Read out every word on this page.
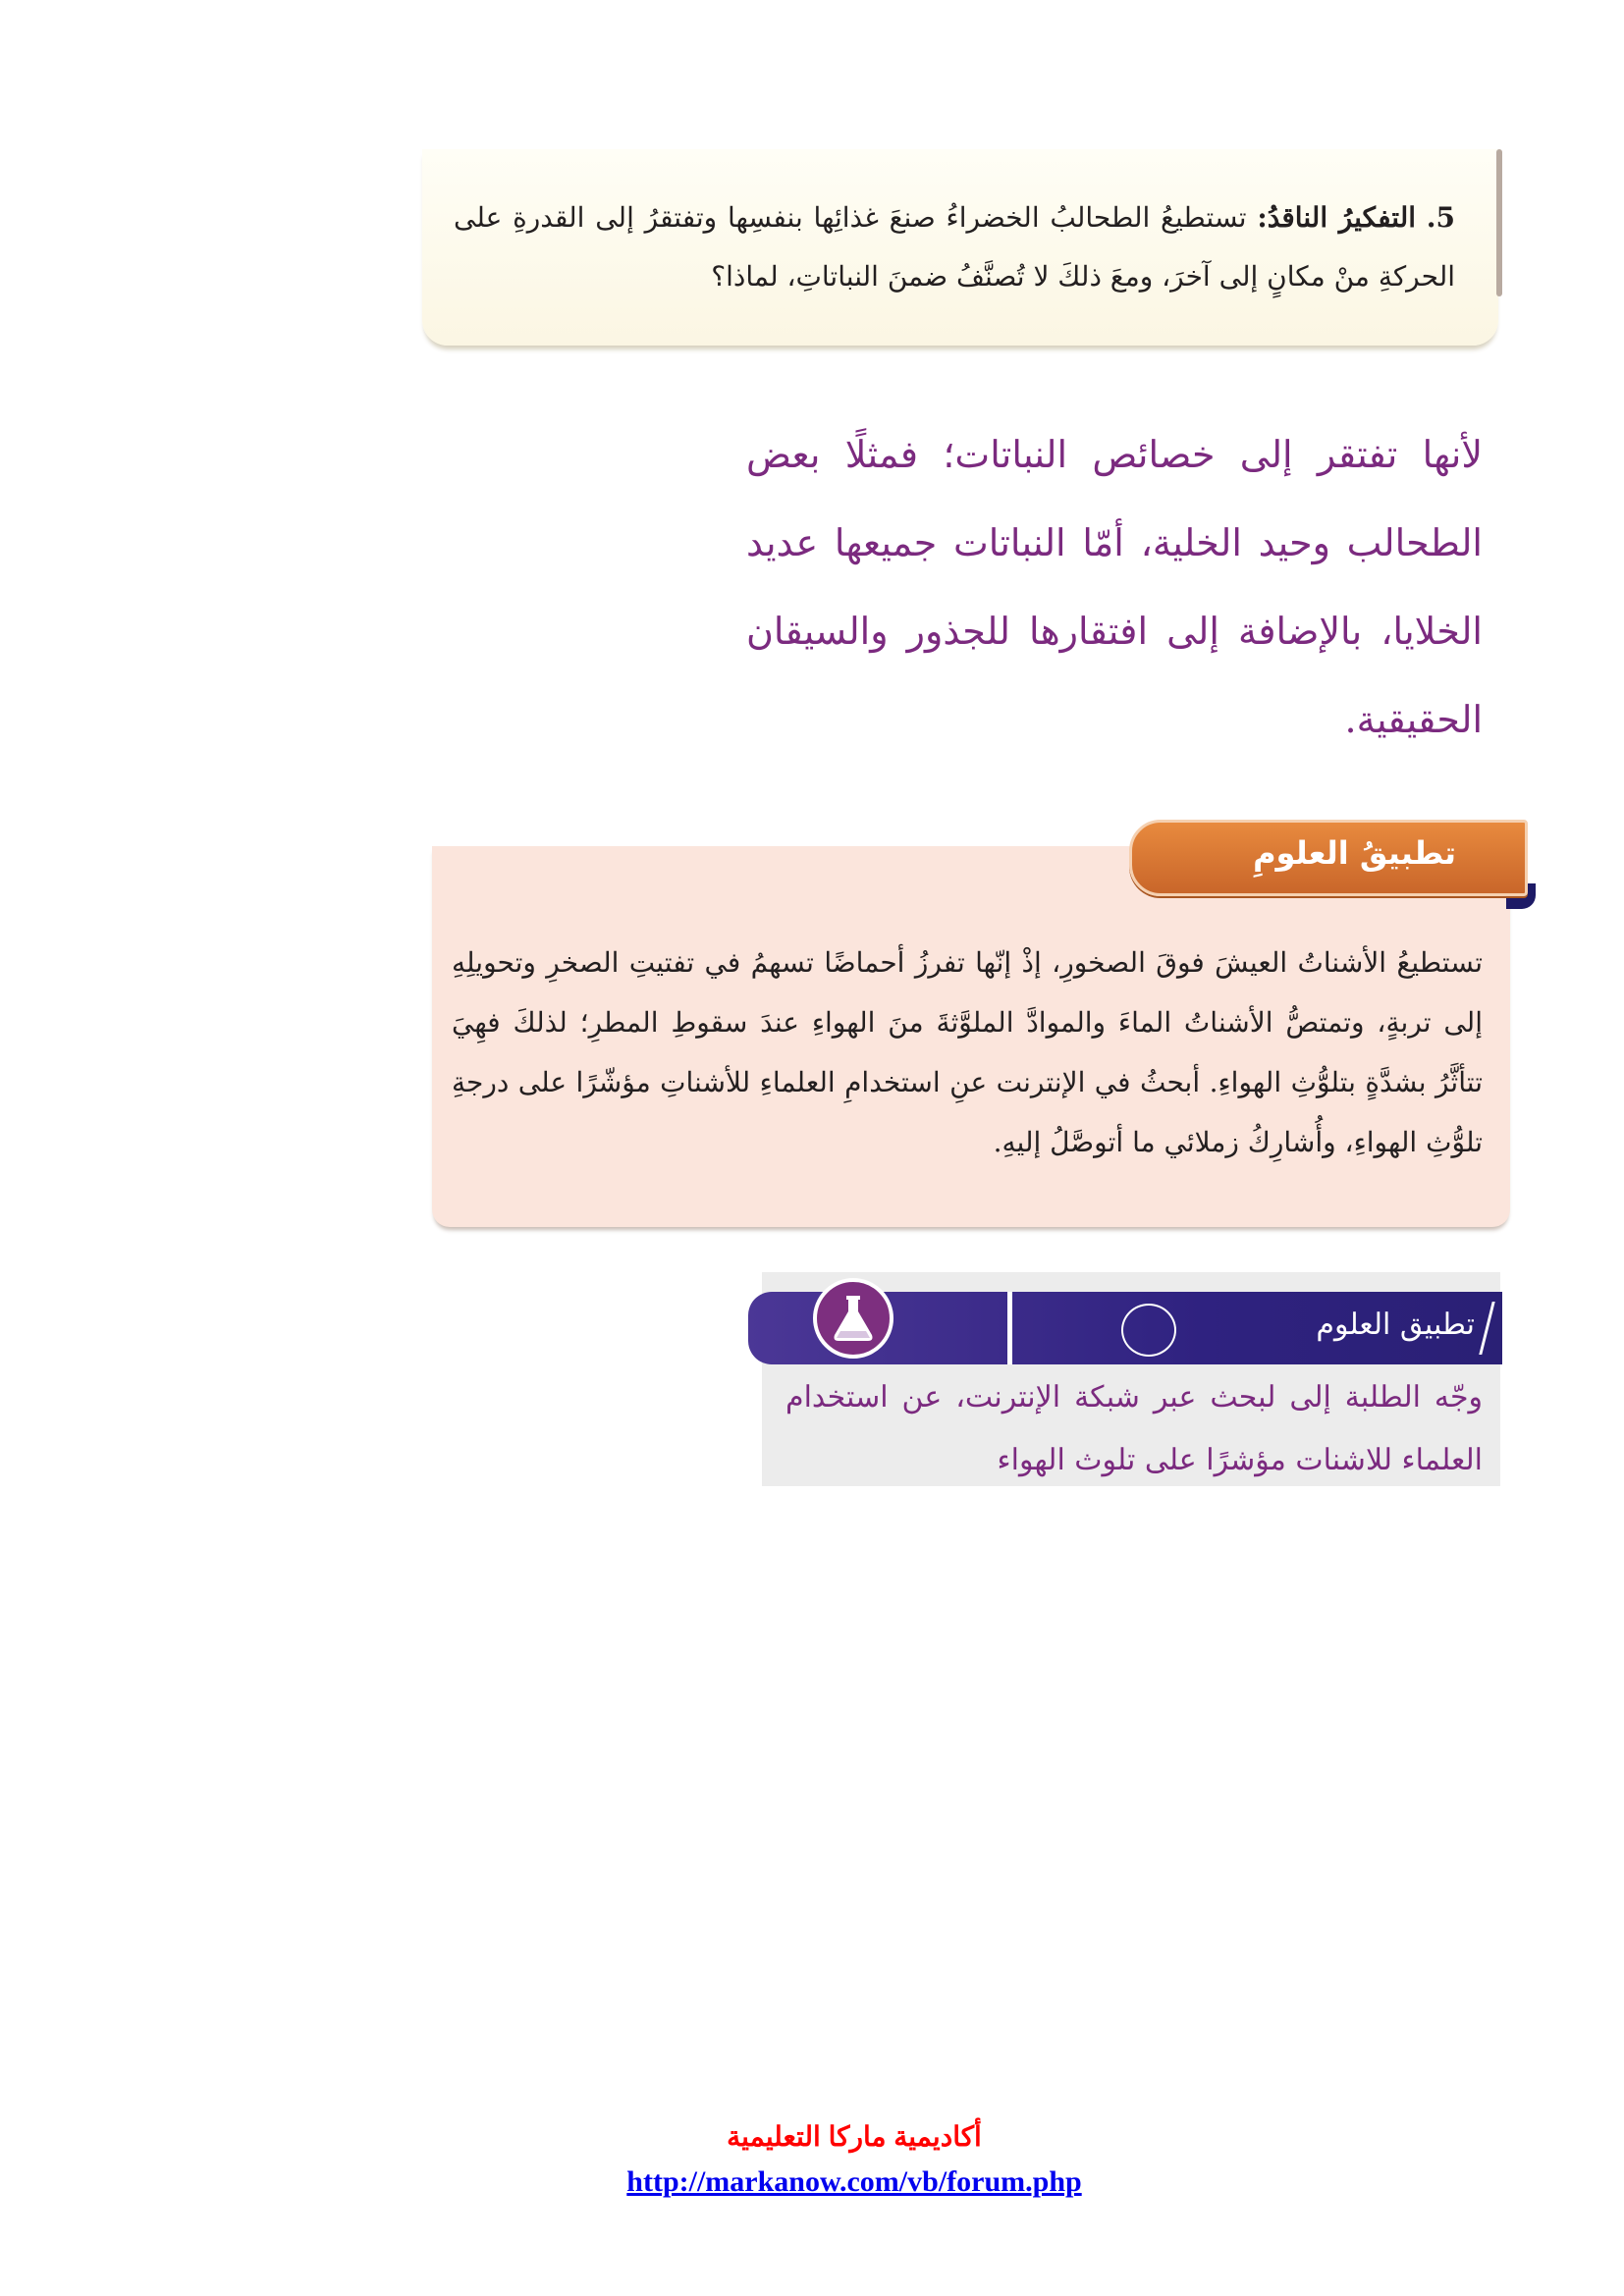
5. التفكيرُ الناقدُ: تستطيعُ الطحالبُ الخضراءُ صنعَ غذائِها بنفسِها وتفتقرُ إلى القدرةِ على الحركةِ منْ مكانٍ إلى آخرَ، ومعَ ذلكَ لا تُصنَّفُ ضمنَ النباتاتِ، لماذا؟
لأنها تفتقر إلى خصائص النباتات؛ فمثلًا بعض الطحالب وحيد الخلية، أمّا النباتات جميعها عديد الخلايا، بالإضافة إلى افتقارها للجذور والسيقان الحقيقية.
تستطيعُ الأشناتُ العيشَ فوقَ الصخورِ، إذْ إنّها تفرزُ أحماضًا تسهمُ في تفتيتِ الصخرِ وتحويلِهِ إلى تربةٍ، وتمتصُّ الأشناتُ الماءَ والموادَّ الملوَّثةَ منَ الهواءِ عندَ سقوطِ المطرِ؛ لذلكَ فهِيَ تتأثَّرُ بشدَّةٍ بتلوُّثِ الهواءِ. أبحثُ في الإنترنت عنِ استخدامِ العلماءِ للأشناتِ مؤشّرًا على درجةِ تلوُّثِ الهواءِ، وأُشارِكُ زملائي ما أتوصَّلُ إليهِ.
تطبيقُ العلومِ
تطبيق العلوم
وجّه الطلبة إلى لبحث عبر شبكة الإنترنت، عن استخدام العلماء للاشنات مؤشرًا على تلوث الهواء
أكاديمية ماركا التعليمية
http://markanow.com/vb/forum.php
